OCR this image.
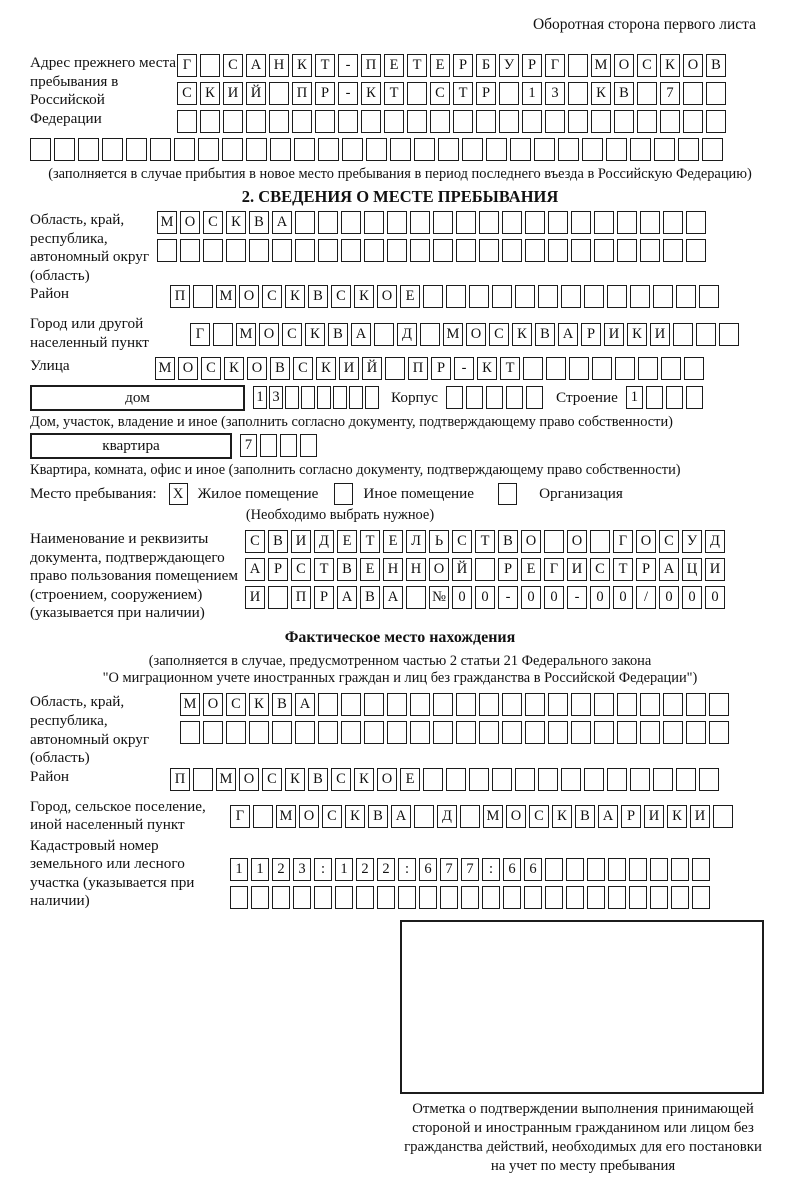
Оборотная сторона первого листа
Адрес прежнего места пребывания в Российской Федерации
Г	С А Н К Т	-	П Е Т Е	Р	Б У Р	Г	М О С К О В
С К И Й	П Р	-	К Т	С Т	Р	1	3	К В	7
(заполняется в случае прибытия в новое место пребывания в период последнего въезда в Российскую Федерацию)
2. СВЕДЕНИЯ О МЕСТЕ ПРЕБЫВАНИЯ
Область, край, республика, автономный округ (область)
М О С К В А
Район	П	М О С К В С К О Е
Город или другой населенный пункт
Г	М О С К В А	Д	М О С К В А Р И К И
Улица	М О С К О В С К И Й	П Р	-	К Т
дом	1 3	Корпус	Строение 1
Дом, участок, владение и иное (заполнить согласно документу, подтверждающему право собственности)
квартира	7
Квартира, комната, офис и иное (заполнить согласно документу, подтверждающему право собственности)
Место пребывания:	X Жилое помещение	Иное помещение	Организация
(Необходимо выбрать нужное)
Наименование и реквизиты документа, подтверждающего право пользования помещением (строением, сооружением) (указывается при наличии)
С В И Д Е Т Е Л Ь С Т В О	О	Г О С У Д
А Р С Т В Е Н Н О Й	Р	Е Г И С Т	Р А Ц И
И	П Р А В А	№ 0	0	-	0	0	-	0	0	/	0	0	0
Фактическое место нахождения
(заполняется в случае, предусмотренном частью 2 статьи 21 Федерального закона
"О миграционном учете иностранных граждан и лиц без гражданства в Российской Федерации")
Область, край, республика, автономный округ (область)
М О С К В А
Район	П	М О С К В С К О Е
Город, сельское поселение, иной населенный пункт
Г	М О С К В А	Д	М О С К В А Р И К И
Кадастровый номер земельного или лесного участка (указывается при наличии)
1 1 2 3	:	1 2 2	:	6 7 7	:	6 6
Отметка о подтверждении выполнения принимающей
стороной и иностранным гражданином или лицом без
гражданства действий, необходимых для его постановки
на учет по месту пребывания
